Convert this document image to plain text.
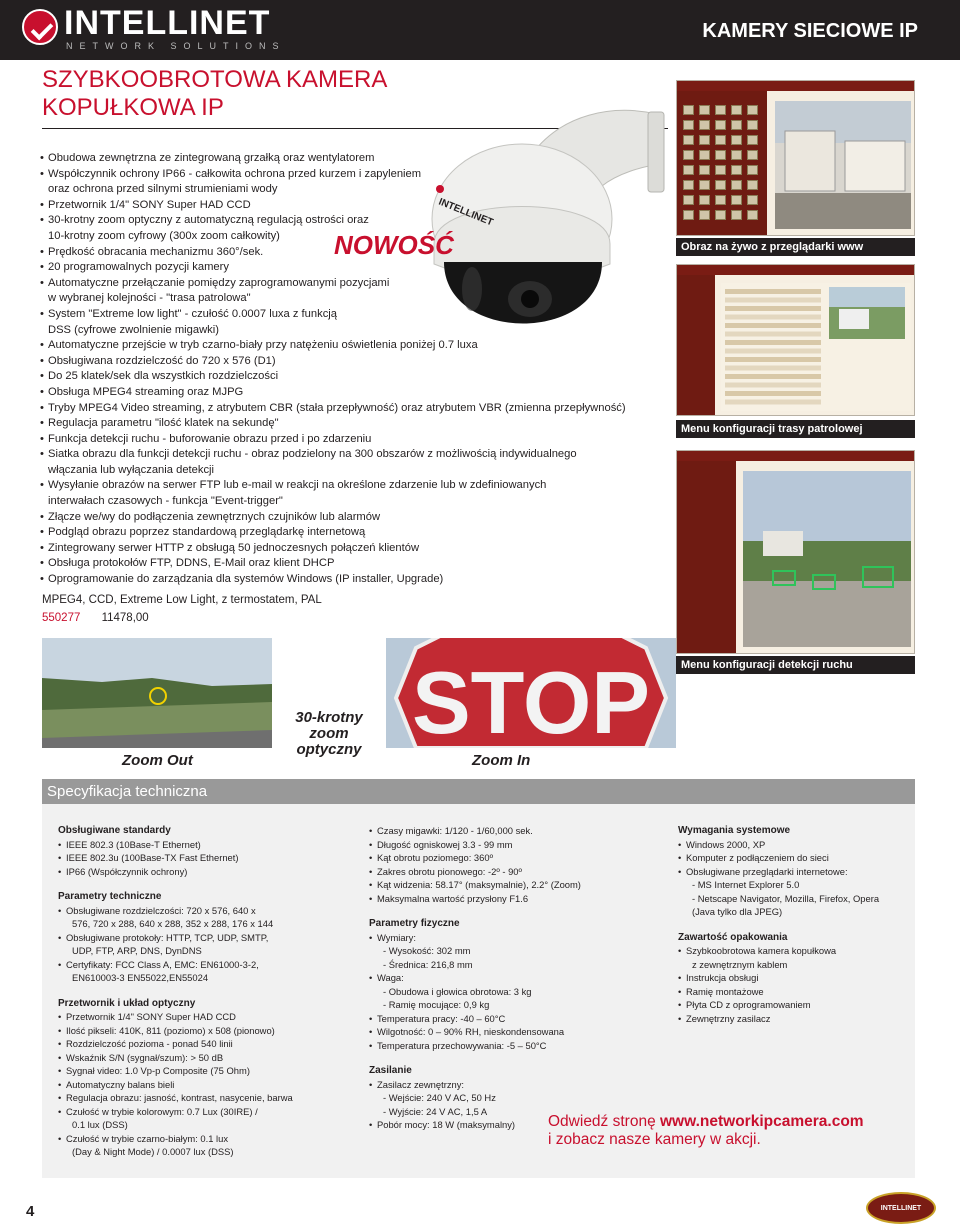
INTELLINET
NETWORK SOLUTIONS
KAMERY SIECIOWE IP
SZYBKOOBROTOWA KAMERA
KOPUŁKOWA IP
INTELLINET
NOWOŚĆ
• Obudowa zewnętrzna ze zintegrowaną grzałką oraz wentylatorem
• Współczynnik ochrony IP66 - całkowita ochrona przed kurzem i zapyleniem
oraz ochrona przed silnymi strumieniami wody
• Przetwornik 1/4" SONY Super HAD CCD
• 30-krotny zoom optyczny z automatyczną regulacją ostrości oraz
10-krotny zoom cyfrowy (300x zoom całkowity)
• Prędkość obracania mechanizmu 360°/sek.
• 20 programowalnych pozycji kamery
• Automatyczne przełączanie pomiędzy zaprogramowanymi pozycjami
w wybranej kolejności - "trasa patrolowa"
• System "Extreme low light" - czułość 0.0007 luxa z funkcją
DSS (cyfrowe zwolnienie migawki)
• Automatyczne przejście w tryb czarno-biały przy natężeniu oświetlenia poniżej 0.7 luxa
• Obsługiwana rozdzielczość do 720 x 576 (D1)
• Do 25 klatek/sek dla wszystkich rozdzielczości
• Obsługa MPEG4 streaming oraz MJPG
• Tryby MPEG4 Video streaming, z atrybutem CBR (stała przepływność) oraz atrybutem VBR (zmienna przepływność)
• Regulacja parametru "ilość klatek na sekundę"
• Funkcja detekcji ruchu - buforowanie obrazu przed i po zdarzeniu
• Siatka obrazu dla funkcji detekcji ruchu - obraz podzielony na 300 obszarów z możliwością indywidualnego
włączania lub wyłączania detekcji
• Wysyłanie obrazów na serwer FTP lub e-mail w reakcji na określone zdarzenie lub w zdefiniowanych
interwałach czasowych - funkcja "Event-trigger"
• Złącze we/wy do podłączenia zewnętrznych czujników lub alarmów
• Podgląd obrazu poprzez standardową przeglądarkę internetową
• Zintegrowany serwer HTTP z obsługą 50 jednoczesnych połączeń klientów
• Obsługa protokołów FTP, DDNS, E-Mail oraz klient DHCP
• Oprogramowanie do zarządzania dla systemów Windows (IP installer, Upgrade)
MPEG4, CCD, Extreme Low Light, z termostatem, PAL
550277 11478,00
Obraz na żywo z przeglądarki www
Menu konfiguracji trasy patrolowej
Menu konfiguracji detekcji ruchu
Zoom Out
30-krotny zoom optyczny STOP
Zoom In
Specyfikacja techniczna
Obsługiwane standardy
• IEEE 802.3 (10Base-T Ethernet)
• IEEE 802.3u (100Base-TX Fast Ethernet)
• IP66 (Współczynnik ochrony)
Parametry techniczne
• Obsługiwane rozdzielczości: 720 x 576, 640 x
576, 720 x 288, 640 x 288, 352 x 288, 176 x 144
• Obsługiwane protokoły: HTTP, TCP, UDP, SMTP,
UDP, FTP, ARP, DNS, DynDNS
• Certyfikaty: FCC Class A, EMC: EN61000-3-2,
EN610003-3 EN55022,EN55024
Przetwornik i układ optyczny
• Przetwornik 1/4" SONY Super HAD CCD
• Ilość pikseli: 410K, 811 (poziomo) x 508 (pionowo)
• Rozdzielczość pozioma - ponad 540 linii
• Wskaźnik S/N (sygnał/szum): > 50 dB
• Sygnał video: 1.0 Vp-p Composite (75 Ohm)
• Automatyczny balans bieli
• Regulacja obrazu: jasność, kontrast, nasycenie, barwa
• Czułość w trybie kolorowym: 0.7 Lux (30IRE) /
0.1 lux (DSS)
• Czułość w trybie czarno-białym: 0.1 lux
(Day & Night Mode) / 0.0007 lux (DSS)
• Czasy migawki: 1/120 - 1/60,000 sek.
• Długość ogniskowej 3.3 - 99 mm
• Kąt obrotu poziomego: 360º
• Zakres obrotu pionowego: -2º - 90º
• Kąt widzenia: 58.17° (maksymalnie), 2.2° (Zoom)
• Maksymalna wartość przysłony F1.6
Parametry fizyczne
• Wymiary:
- Wysokość: 302 mm
- Średnica: 216,8 mm
• Waga:
- Obudowa i głowica obrotowa: 3 kg
- Ramię mocujące: 0,9 kg
• Temperatura pracy: -40 – 60°C
• Wilgotność: 0 – 90% RH, nieskondensowana
• Temperatura przechowywania: -5 – 50°C
Zasilanie
• Zasilacz zewnętrzny:
- Wejście: 240 V AC, 50 Hz
- Wyjście: 24 V AC, 1,5 A
• Pobór mocy: 18 W (maksymalny)
Wymagania systemowe
• Windows 2000, XP
• Komputer z podłączeniem do sieci
• Obsługiwane przeglądarki internetowe:
- MS Internet Explorer 5.0
- Netscape Navigator, Mozilla, Firefox, Opera
(Java tylko dla JPEG)
Zawartość opakowania
• Szybkoobrotowa kamera kopułkowa
z zewnętrznym kablem
• Instrukcja obsługi
• Ramię montażowe
• Płyta CD z oprogramowaniem
• Zewnętrzny zasilacz
Odwiedź stronę www.networkipcamera.com
i zobacz nasze kamery w akcji.
4	INTELLINET
